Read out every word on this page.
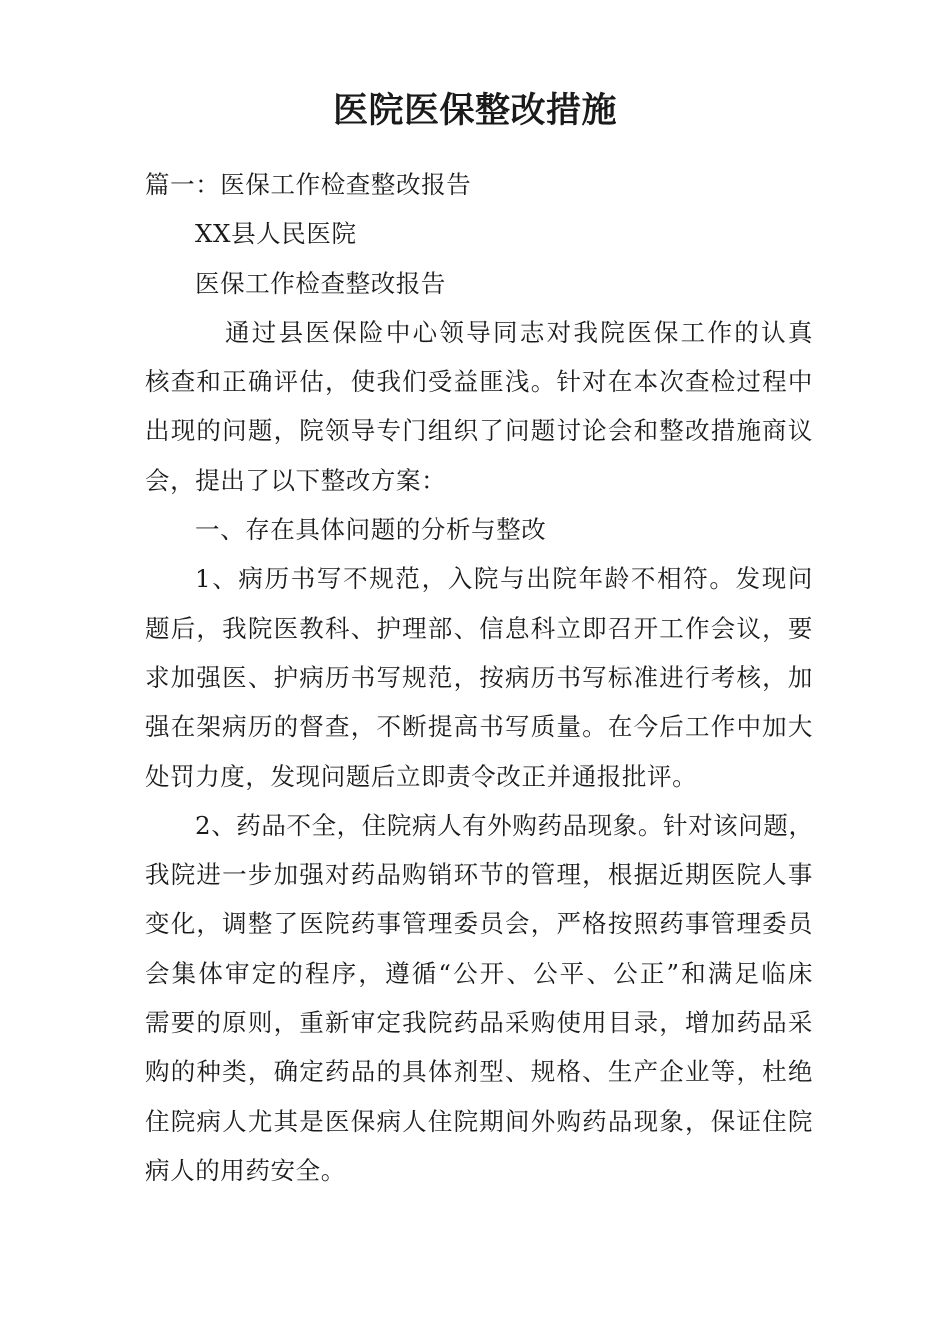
医院医保整改措施
篇一：医保工作检查整改报告
XX县人民医院
医保工作检查整改报告
通过县医保险中心领导同志对我院医保工作的认真
核查和正确评估，使我们受益匪浅。针对在本次查检过程中
出现的问题，院领导专门组织了问题讨论会和整改措施商议
会，提出了以下整改方案：
一、存在具体问题的分析与整改
1、病历书写不规范，入院与出院年龄不相符。发现问
题后，我院医教科、护理部、信息科立即召开工作会议，要
求加强医、护病历书写规范，按病历书写标准进行考核，加
强在架病历的督查，不断提高书写质量。在今后工作中加大
处罚力度，发现问题后立即责令改正并通报批评。
2、药品不全，住院病人有外购药品现象。针对该问题，
我院进一步加强对药品购销环节的管理，根据近期医院人事
变化，调整了医院药事管理委员会，严格按照药事管理委员
会集体审定的程序，遵循“公开、公平、公正”和满足临床
需要的原则，重新审定我院药品采购使用目录，增加药品采
购的种类，确定药品的具体剂型、规格、生产企业等，杜绝
住院病人尤其是医保病人住院期间外购药品现象，保证住院
病人的用药安全。
